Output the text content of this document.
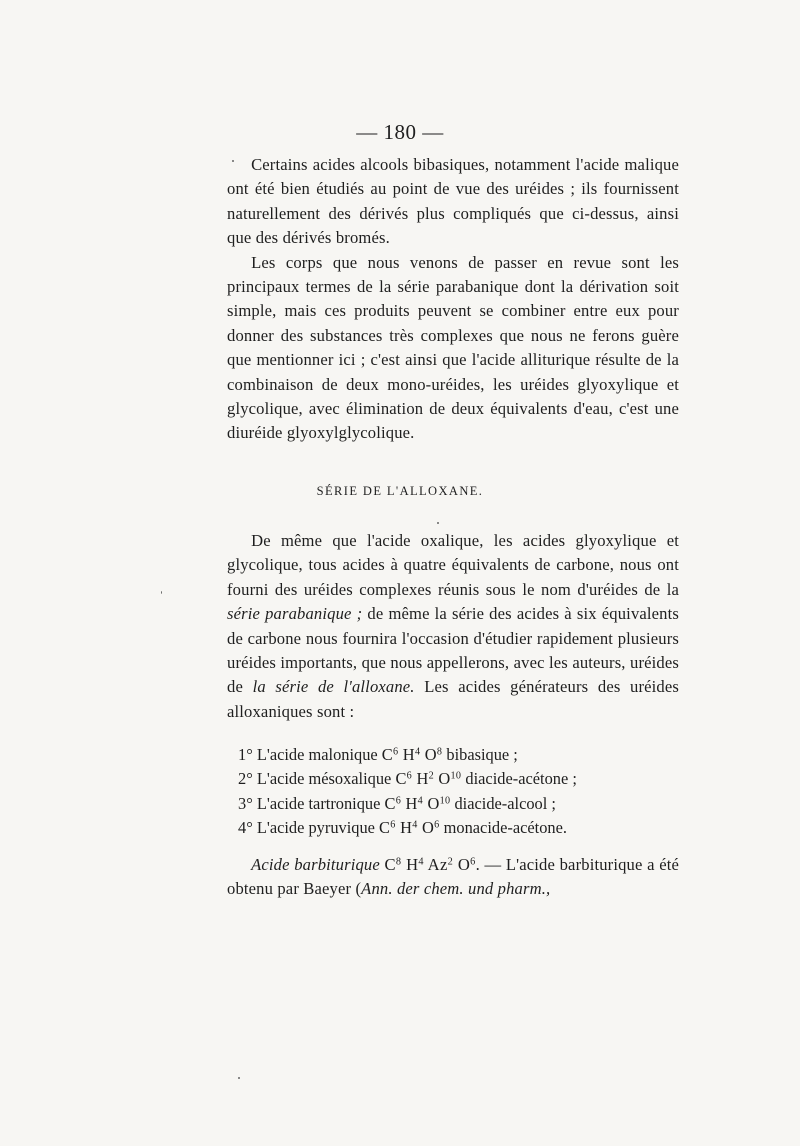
— 180 —

Certains acides alcools bibasiques, notamment l'acide malique ont été bien étudiés au point de vue des uréides ; ils fournissent naturellement des dérivés plus compliqués que ci-dessus, ainsi que des dérivés bromés.

Les corps que nous venons de passer en revue sont les principaux termes de la série parabanique dont la dérivation soit simple, mais ces produits peuvent se combiner entre eux pour donner des substances très complexes que nous ne ferons guère que mentionner ici ; c'est ainsi que l'acide alliturique résulte de la combinaison de deux mono-uréides, les uréides glyoxylique et glycolique, avec élimination de deux équivalents d'eau, c'est une diuréide glyoxylglycolique.

SÉRIE DE L'ALLOXANE.

De même que l'acide oxalique, les acides glyoxylique et glycolique, tous acides à quatre équivalents de carbone, nous ont fourni des uréides complexes réunis sous le nom d'uréides de la série parabanique ; de même la série des acides à six équivalents de carbone nous fournira l'occasion d'étudier rapidement plusieurs uréides importants, que nous appellerons, avec les auteurs, uréides de la série de l'alloxane. Les acides générateurs des uréides alloxaniques sont :

1° L'acide malonique $C^6$ $H^4$ $O^8$ bibasique ;
2° L'acide mésoxalique $C^6$ $H^2$ $O^{10}$ diacide-acétone ;
3° L'acide tartronique $C^6$ $H^4$ $O^{10}$ diacide-alcool ;
4° L'acide pyruvique $C^6$ $H^4$ $O^6$ monacide-acétone.

Acide barbiturique $C^8$ $H^4$ Az$^2$ $O^6$. — L'acide barbiturique a été obtenu par Baeyer (Ann. der chem. und pharm.,
